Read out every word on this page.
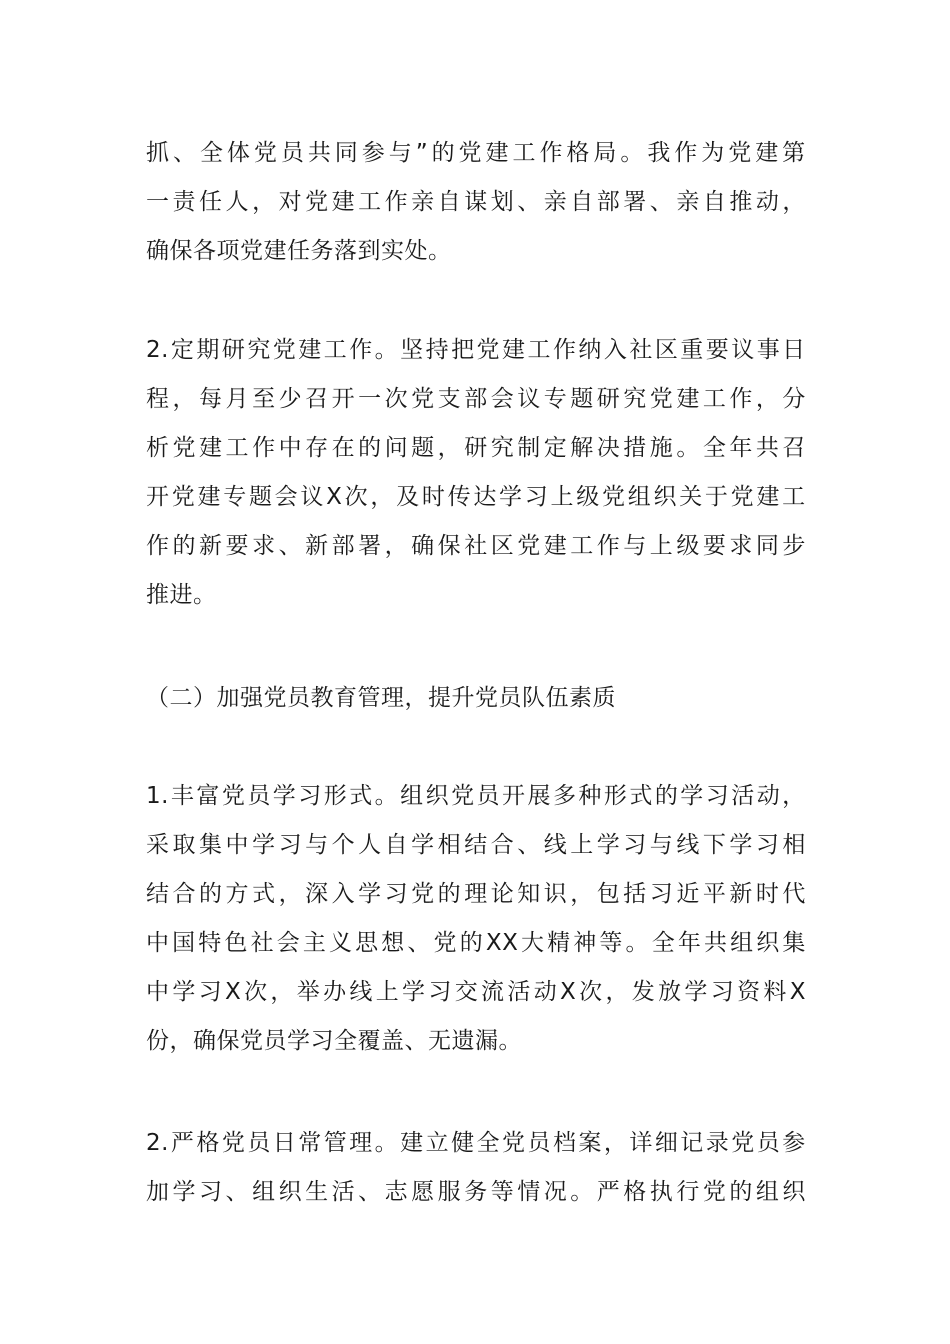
抓 、 全 体 党 员 共 同 参 与 ” 的 党 建 工 作 格 局 。 我 作 为 党 建 第
一 责 任 人 ， 对 党 建 工 作 亲 自 谋 划 、 亲 自 部 署 、 亲 自 推 动 ，
确保各项党建任务落到实处。
2. 定 期 研 究 党 建 工 作 。 坚 持 把 党 建 工 作 纳 入 社 区 重 要 议 事 日
程 ， 每 月 至 少 召 开 一 次 党 支 部 会 议 专 题 研 究 党 建 工 作 ， 分
析 党 建 工 作 中 存 在 的 问 题 ， 研 究 制 定 解 决 措 施 。 全 年 共 召
开 党 建 专 题 会 议 X 次 ， 及 时 传 达 学 习 上 级 党 组 织 关 于 党 建 工
作 的 新 要 求 、 新 部 署 ， 确 保 社 区 党 建 工 作 与 上 级 要 求 同 步
推进。
（二）加强党员教育管理，提升党员队伍素质
1. 丰 富 党 员 学 习 形 式 。 组 织 党 员 开 展 多 种 形 式 的 学 习 活 动 ，
采 取 集 中 学 习 与 个 人 自 学 相 结 合 、 线 上 学 习 与 线 下 学 习 相
结 合 的 方 式 ， 深 入 学 习 党 的 理 论 知 识 ， 包 括 习 近 平 新 时 代
中 国 特 色 社 会 主 义 思 想 、 党 的 XX 大 精 神 等 。 全 年 共 组 织 集
中 学 习 X 次 ， 举 办 线 上 学 习 交 流 活 动 X 次 ， 发 放 学 习 资 料 X
份，确保党员学习全覆盖、无遗漏。
2. 严 格 党 员 日 常 管 理 。 建 立 健 全 党 员 档 案 ， 详 细 记 录 党 员 参
加 学 习 、 组 织 生 活 、 志 愿 服 务 等 情 况 。 严 格 执 行 党 的 组 织
